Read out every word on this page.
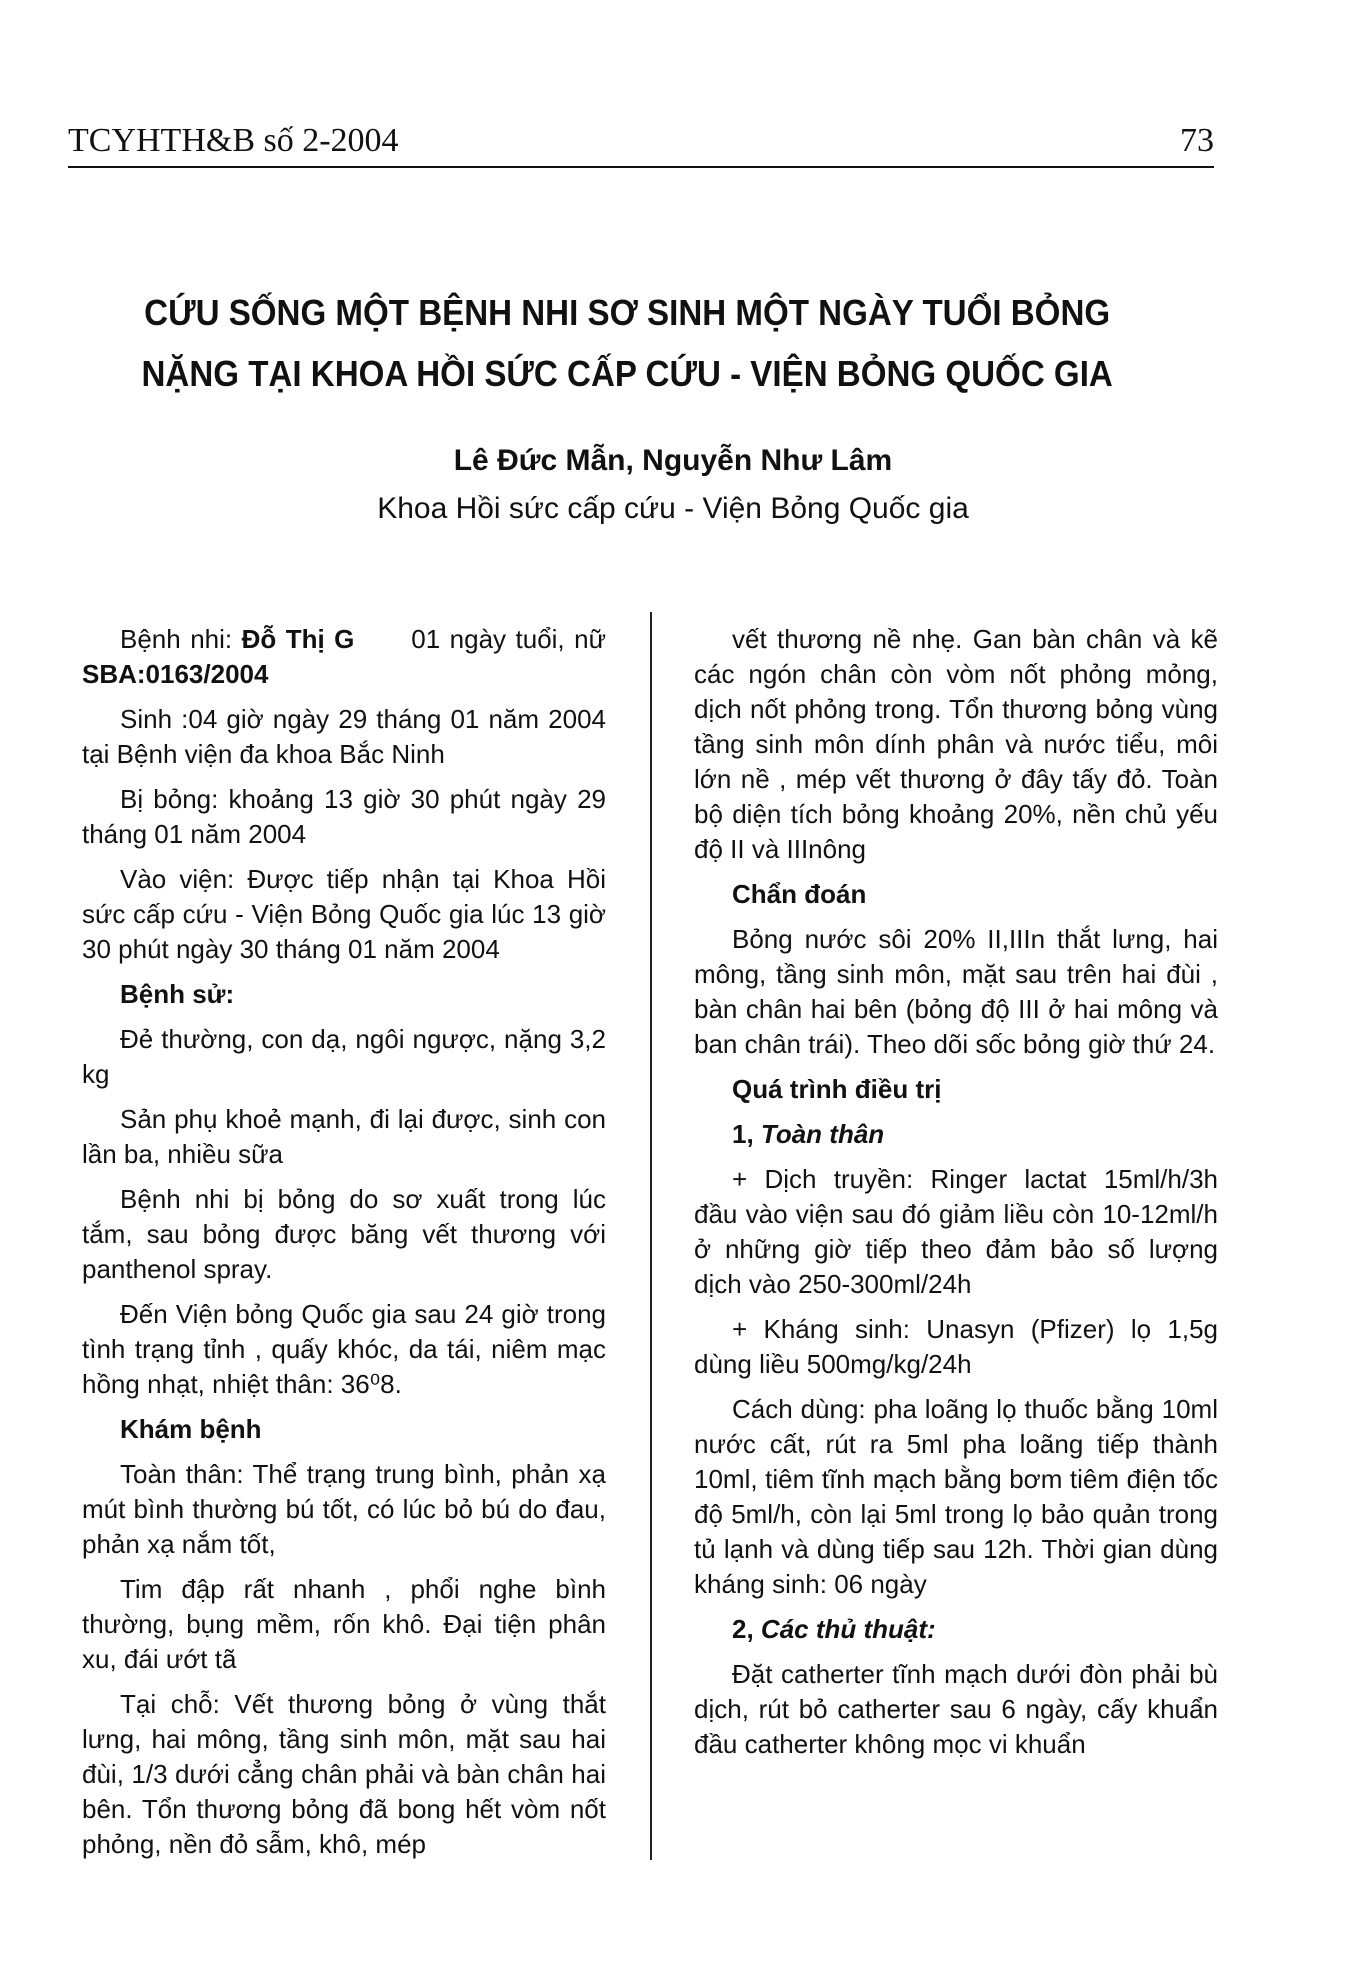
TCYHTH&B số 2-2004	73
CỨU SỐNG MỘT BỆNH NHI SƠ SINH MỘT NGÀY TUỔI BỎNG
NẶNG TẠI KHOA HỒI SỨC CẤP CỨU - VIỆN BỎNG QUỐC GIA
Lê Đức Mẫn, Nguyễn Như Lâm
Khoa Hồi sức cấp cứu - Viện Bỏng Quốc gia

Bệnh nhi: Đỗ Thị G      01 ngày tuổi, nữ SBA:0163/2004

Sinh :04 giờ ngày 29 tháng 01 năm 2004 tại Bệnh viện đa khoa Bắc Ninh

Bị bỏng: khoảng 13 giờ 30 phút ngày 29 tháng 01 năm 2004

Vào viện: Được tiếp nhận tại Khoa Hồi sức cấp cứu - Viện Bỏng Quốc gia lúc 13 giờ 30 phút ngày 30 tháng 01 năm 2004

Bệnh sử:

Đẻ thường, con dạ, ngôi ngược, nặng 3,2 kg

Sản phụ khoẻ mạnh, đi lại được, sinh con lần ba, nhiều sữa

Bệnh nhi bị bỏng do sơ xuất trong lúc tắm, sau bỏng được băng vết thương với panthenol spray.

Đến Viện bỏng Quốc gia sau 24 giờ trong tình trạng tỉnh , quấy khóc, da tái, niêm mạc hồng nhạt, nhiệt thân: 36⁰8.

Khám bệnh

Toàn thân: Thể trạng trung bình, phản xạ mút bình thường bú tốt, có lúc bỏ bú do đau, phản xạ nắm tốt,

Tim đập rất nhanh , phổi nghe bình thường, bụng mềm, rốn khô. Đại tiện phân xu, đái ướt tã

Tại chỗ: Vết thương bỏng ở vùng thắt lưng, hai mông, tầng sinh môn, mặt sau hai đùi, 1/3 dưới cẳng chân phải và bàn chân hai bên. Tổn thương bỏng đã bong hết vòm nốt phỏng, nền đỏ sẫm, khô, mép

vết thương nề nhẹ. Gan bàn chân và kẽ các ngón chân còn vòm nốt phỏng mỏng, dịch nốt phỏng trong. Tổn thương bỏng vùng tầng sinh môn dính phân và nước tiểu, môi lớn nề , mép vết thương ở đây tấy đỏ. Toàn bộ diện tích bỏng khoảng 20%, nền chủ yếu độ II và IIInông

Chẩn đoán

Bỏng nước sôi 20% II,IIIn thắt lưng, hai mông, tầng sinh môn, mặt sau trên hai đùi , bàn chân hai bên (bỏng độ III ở hai mông và ban chân trái). Theo dõi sốc bỏng giờ thứ 24.

Quá trình điều trị

1, Toàn thân

+ Dịch truyền: Ringer lactat 15ml/h/3h đầu vào viện sau đó giảm liều còn 10-12ml/h ở những giờ tiếp theo đảm bảo số lượng dịch vào 250-300ml/24h

+ Kháng sinh: Unasyn (Pfizer) lọ 1,5g dùng liều 500mg/kg/24h

Cách dùng: pha loãng lọ thuốc bằng 10ml nước cất, rút ra 5ml pha loãng tiếp thành 10ml, tiêm tĩnh mạch bằng bơm tiêm điện tốc độ 5ml/h, còn lại 5ml trong lọ bảo quản trong tủ lạnh và dùng tiếp sau 12h. Thời gian dùng kháng sinh: 06 ngày

2, Các thủ thuật:

Đặt catherter tĩnh mạch dưới đòn phải bù dịch, rút bỏ catherter sau 6 ngày, cấy khuẩn đầu catherter không mọc vi khuẩn
